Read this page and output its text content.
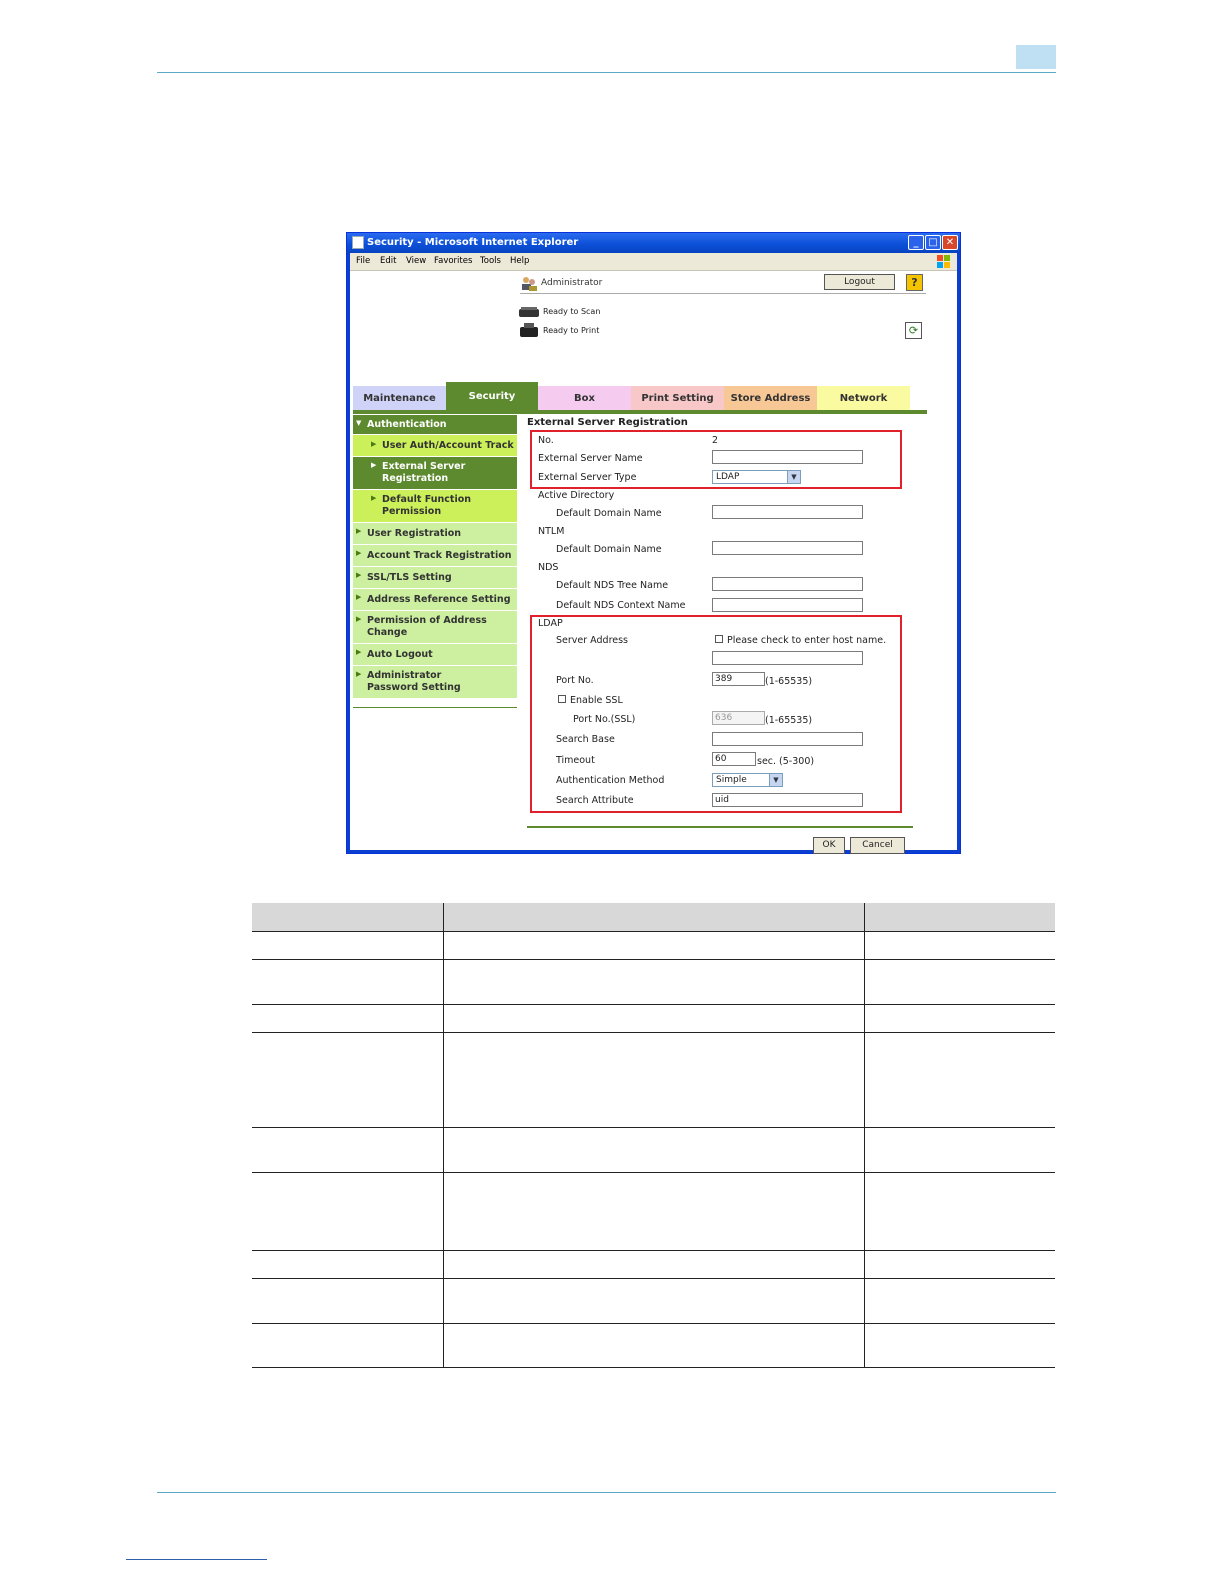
Security - Microsoft Internet Explorer	_ □ ✕
File Edit View Favorites Tools Help
Administrator	Logout	?
Ready to Scan
Ready to Print	⟳
Maintenance	Security	Box	Print Setting	Store Address	Network
▼ Authentication
▶ User Auth/Account Track
▶ External Server Registration
▶ Default Function Permission
▶ User Registration
▶ Account Track Registration
▶ SSL/TLS Setting
▶ Address Reference Setting
▶ Permission of Address Change
▶ Auto Logout
▶ Administrator Password Setting
External Server Registration
No.	2
External Server Name
External Server Type	LDAP	▼
Active Directory
Default Domain Name
NTLM
Default Domain Name
NDS
Default NDS Tree Name
Default NDS Context Name
LDAP
Server Address	Please check to enter host name.
Port No.	389	(1-65535)
Enable SSL
Port No.(SSL)	636	(1-65535)
Search Base
Timeout	60	sec. (5-300)
Authentication Method	Simple	▼
Search Attribute	uid
OK	Cancel
